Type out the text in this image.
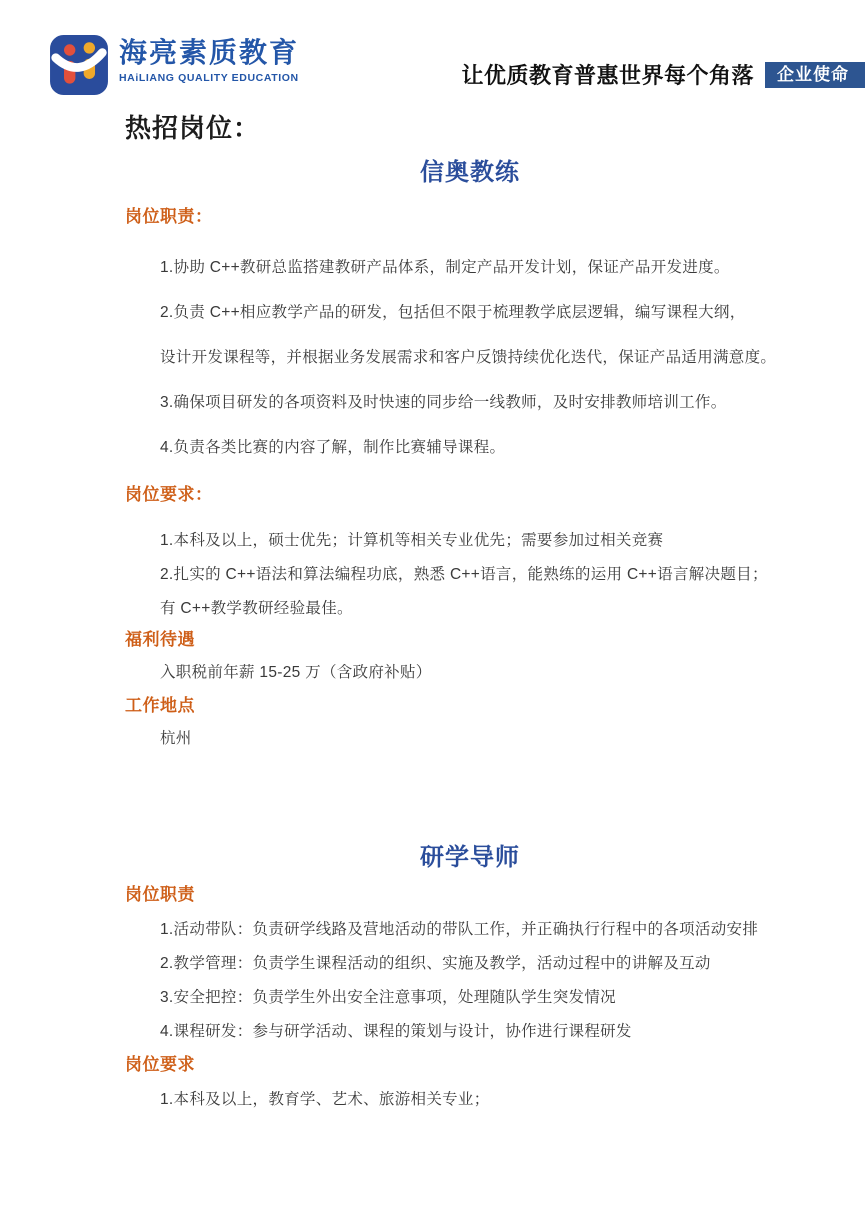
海亮素质教育
HAiLIANG QUALITY EDUCATION	让优质教育普惠世界每个角落	企业使命
热招岗位：
信奥教练
岗位职责：

1.协助 C++教研总监搭建教研产品体系，制定产品开发计划，保证产品开发进度。

2.负责 C++相应教学产品的研发，包括但不限于梳理教学底层逻辑，编写课程大纲，

设计开发课程等，并根据业务发展需求和客户反馈持续优化迭代，保证产品适用满意度。

3.确保项目研发的各项资料及时快速的同步给一线教师，及时安排教师培训工作。

4.负责各类比赛的内容了解，制作比赛辅导课程。

岗位要求：

1.本科及以上，硕士优先；计算机等相关专业优先；需要参加过相关竞赛

2.扎实的 C++语法和算法编程功底，熟悉 C++语言，能熟练的运用 C++语言解决题目；

有 C++教学教研经验最佳。

福利待遇

入职税前年薪 15-25 万（含政府补贴）

工作地点

杭州

研学导师
岗位职责

1.活动带队：负责研学线路及营地活动的带队工作，并正确执行行程中的各项活动安排

2.教学管理：负责学生课程活动的组织、实施及教学，活动过程中的讲解及互动

3.安全把控：负责学生外出安全注意事项，处理随队学生突发情况

4.课程研发：参与研学活动、课程的策划与设计，协作进行课程研发

岗位要求

1.本科及以上，教育学、艺术、旅游相关专业；
